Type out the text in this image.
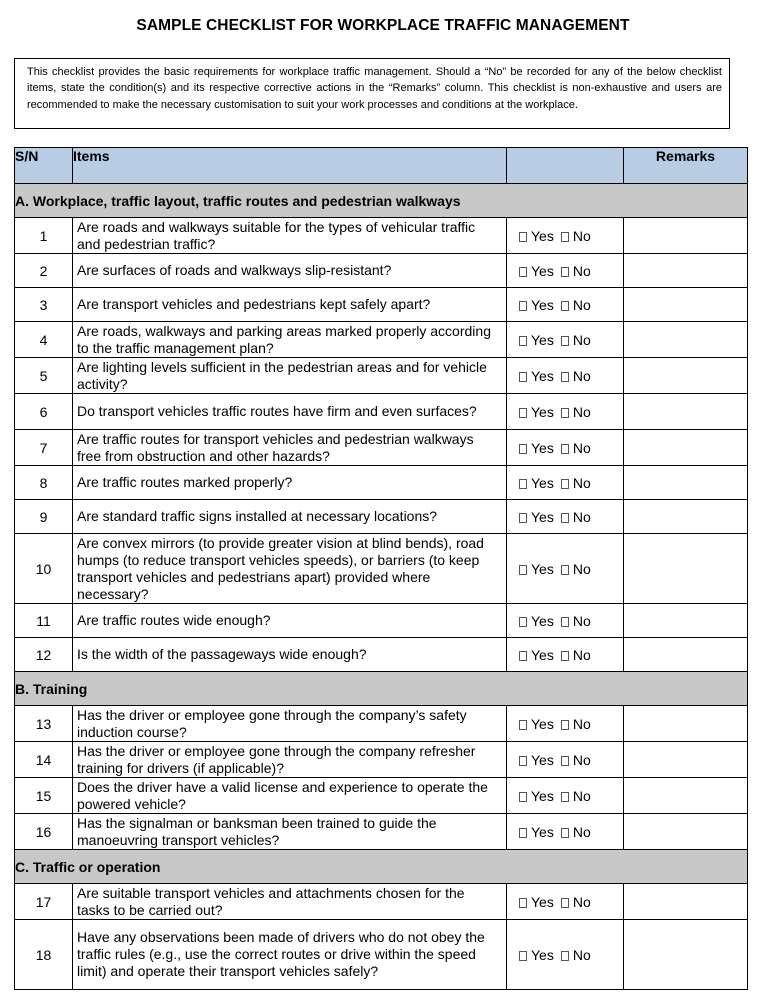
SAMPLE CHECKLIST FOR WORKPLACE TRAFFIC MANAGEMENT
This checklist provides the basic requirements for workplace traffic management. Should a “No” be recorded for any of the below checklist items, state the condition(s) and its respective corrective actions in the “Remarks” column. This checklist is non-exhaustive and users are recommended to make the necessary customisation to suit your work processes and conditions at the workplace.
S/N	Items		Remarks
A. Workplace, traffic layout, traffic routes and pedestrian walkways			
1	Are roads and walkways suitable for the types of vehicular traffic and pedestrian traffic?	Yes No	
2	Are surfaces of roads and walkways slip-resistant?	Yes No	
3	Are transport vehicles and pedestrians kept safely apart?	Yes No	
4	Are roads, walkways and parking areas marked properly according to the traffic management plan?	Yes No	
5	Are lighting levels sufficient in the pedestrian areas and for vehicle activity?	Yes No	
6	Do transport vehicles traffic routes have firm and even surfaces?	Yes No	
7	Are traffic routes for transport vehicles and pedestrian walkways free from obstruction and other hazards?	Yes No	
8	Are traffic routes marked properly?	Yes No	
9	Are standard traffic signs installed at necessary locations?	Yes No	
10	Are convex mirrors (to provide greater vision at blind bends), road humps (to reduce transport vehicles speeds), or barriers (to keep transport vehicles and pedestrians apart) provided where necessary?	Yes No	
11	Are traffic routes wide enough?	Yes No	
12	Is the width of the passageways wide enough?	Yes No	
B. Training			
13	Has the driver or employee gone through the company’s safety induction course?	Yes No	
14	Has the driver or employee gone through the company refresher training for drivers (if applicable)?	Yes No	
15	Does the driver have a valid license and experience to operate the powered vehicle?	Yes No	
16	Has the signalman or banksman been trained to guide the manoeuvring transport vehicles?	Yes No	
C. Traffic or operation			
17	Are suitable transport vehicles and attachments chosen for the tasks to be carried out?	Yes No	
18	Have any observations been made of drivers who do not obey the traffic rules (e.g., use the correct routes or drive within the speed limit) and operate their transport vehicles safely?	Yes No	
